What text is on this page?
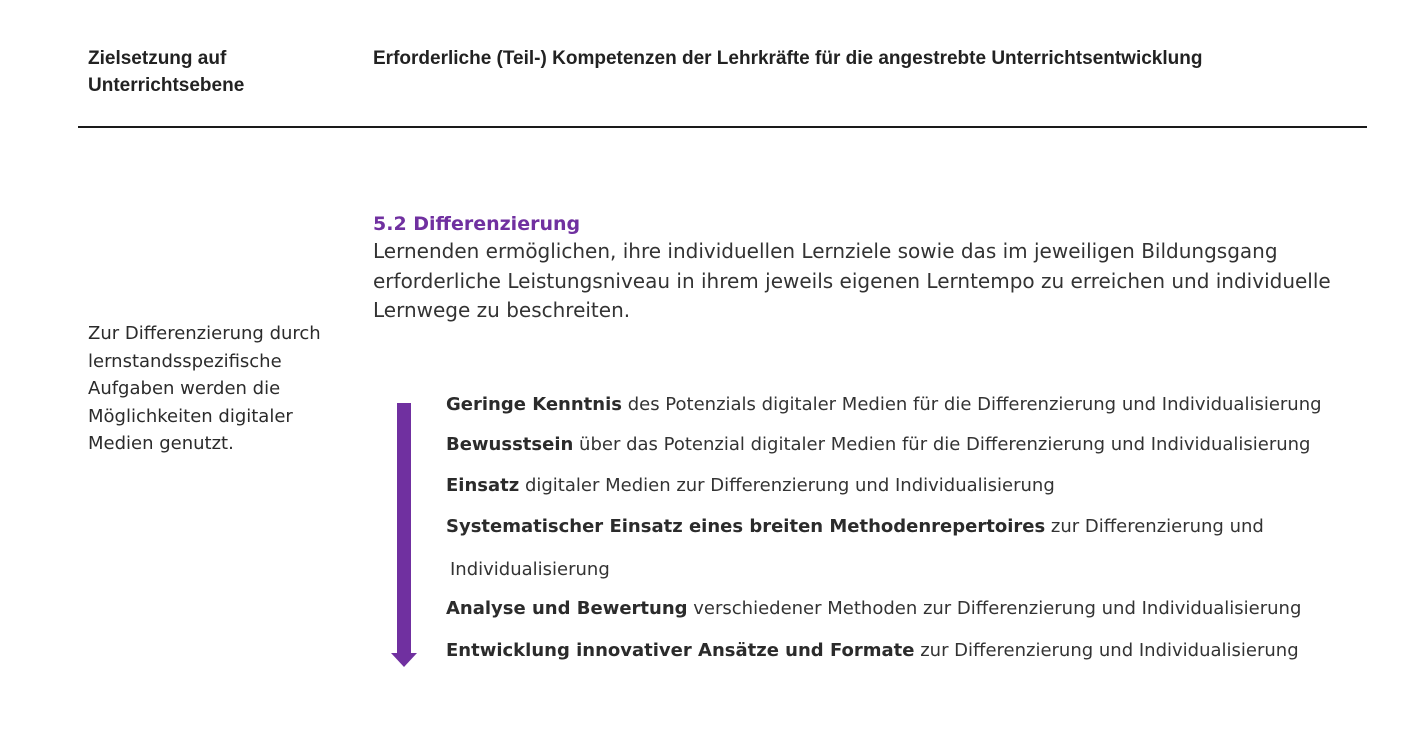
Zielsetzung auf Unterrichtsebene
Erforderliche (Teil-) Kompetenzen der Lehrkräfte für die angestrebte Unterrichtsentwicklung
Zur Differenzierung durch lernstandsspezifische Aufgaben werden die Möglichkeiten digitaler Medien genutzt.
5.2 Differenzierung
Lernenden ermöglichen, ihre individuellen Lernziele sowie das im jeweiligen Bildungsgang erforderliche Leistungsniveau in ihrem jeweils eigenen Lerntempo zu erreichen und individuelle Lernwege zu beschreiten.
Geringe Kenntnis des Potenzials digitaler Medien für die Differenzierung und Individualisierung
Bewusstsein über das Potenzial digitaler Medien für die Differenzierung und Individualisierung
Einsatz digitaler Medien zur Differenzierung und Individualisierung
Systematischer Einsatz eines breiten Methodenrepertoires zur Differenzierung und
Individualisierung
Analyse und Bewertung verschiedener Methoden zur Differenzierung und Individualisierung
Entwicklung innovativer Ansätze und Formate zur Differenzierung und Individualisierung
